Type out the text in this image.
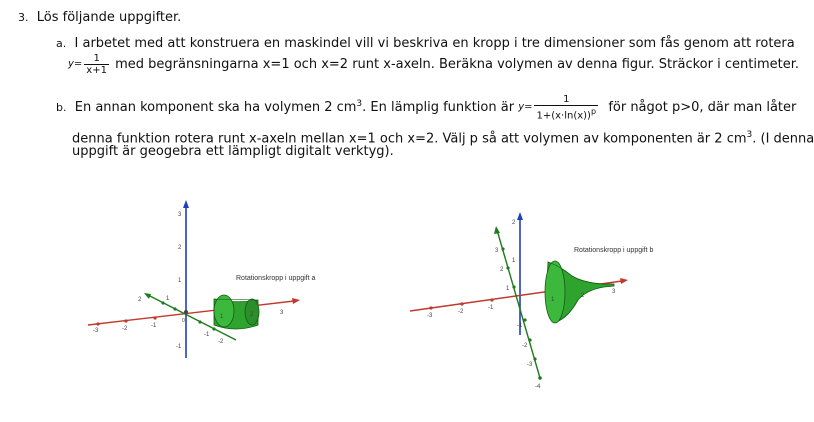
3. Lös följande uppgifter.
a. I arbetet med att konstruera en maskindel vill vi beskriva en kropp i tre dimensioner som fås genom att rotera
$y= \frac{1}{x+1}$ med begränsningarna x=1 och x=2 runt x-axeln. Beräkna volymen av denna figur. Sträckor i centimeter.
b. En annan komponent ska ha volymen 2 $cm^3$. En lämplig funktion är $y= \frac{1}{1+(x\cdot\ln(x))^p}$ för något p>0, där man låter
denna funktion rotera runt x-axeln mellan x=1 och x=2. Välj p så att volymen av komponenten är 2 $cm^3$. (I denna
uppgift är geogebra ett lämpligt digitalt verktyg).
3
2
1
-1
-3	-2	-1
1	2	3
2	1
-1
-2
0
Rotationskropp i uppgift a
2
1
-3
-2
-1
1
2
3
3
2
1
-1
-2
-3
-4
Rotationskropp i uppgift b
